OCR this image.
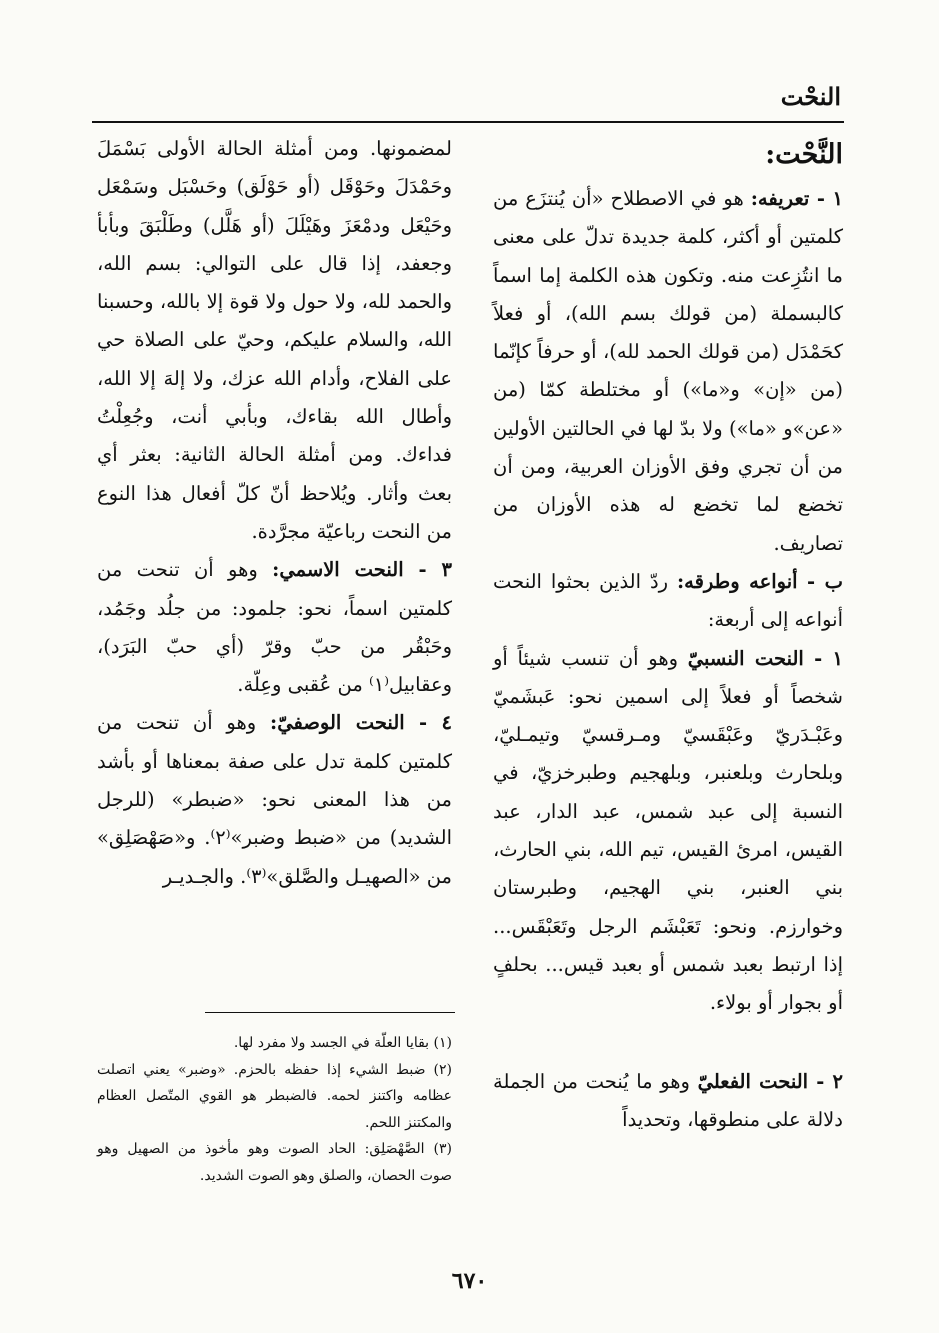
النحْت

النَّحْت:

١ - تعريفه: هو في الاصطلاح «أن يُنتزَع من كلمتين أو أكثر، كلمة جديدة تدلّ على معنى ما انتُزِعت منه. وتكون هذه الكلمة إما اسماً كالبسملة (من قولك بسم الله)، أو فعلاً كحَمْدَل (من قولك الحمد لله)، أو حرفاً كإنّما (من «إن» و«ما») أو مختلطة كمّا (من «عن»و «ما») ولا بدّ لها في الحالتين الأولين من أن تجري وفق الأوزان العربية، ومن أن تخضع لما تخضع له هذه الأوزان من تصاريف.

ب - أنواعه وطرقه: ردّ الذين بحثوا النحت أنواعه إلى أربعة:

١ - النحت النسبيّ وهو أن تنسب شيئاً أو شخصاً أو فعلاً إلى اسمين نحو: عَبشَميّ وعَبْـدَريّ وعَبْقَسيّ ومـرقسيّ وتيمـليّ، وبلحارث وبلعنبر، وبلهجيم وطبرخزيّ، في النسبة إلى عبد شمس، عبد الدار، عبد القيس، امرئ القيس، تيم الله، بني الحارث، بني العنبر، بني الهجيم، وطبرستان وخوارزم. ونحو: تَعَبْشَم الرجل وتَعَبْقَس... إذا ارتبط بعبد شمس أو بعبد قيس... بحلفٍ أو بجوار أو بولاء.

٢ - النحت الفعليّ وهو ما يُنحت من الجملة دلالة على منطوقها، وتحديداً

لمضمونها. ومن أمثلة الحالة الأولى بَسْمَلَ وحَمْدَلَ وحَوْقَل (أو حَوْلَق) وحَسْبَل وسَمْعَل وحَيْعَل ودمْعَزَ وهَيْلَلَ (أو هَلَّل) وطَلْبَقَ وبأبأ وجعفد، إذا قال على التوالي: بسم الله، والحمد لله، ولا حول ولا قوة إلا بالله، وحسبنا الله، والسلام عليكم، وحيّ على الصلاة حي على الفلاح، وأدام الله عزك، ولا إلهَ إلا الله، وأطال الله بقاءك، وبأبي أنت، وجُعِلْتُ فداءك. ومن أمثلة الحالة الثانية: بعثر أي بعث وأثار. ويُلاحظ أنّ كلّ أفعال هذا النوع من النحت رباعيّة مجرَّدة.

٣ - النحت الاسمي: وهو أن تنحت من كلمتين اسماً، نحو: جلمود: من جلُد وجَمُد، وحَبْقُر من حبّ وقرّ (أي حبّ البَرَد)، وعقابيل⁽١⁾ من عُقبى وعِلّة.

٤ - النحت الوصفيّ: وهو أن تنحت من كلمتين كلمة تدل على صفة بمعناها أو بأشد من هذا المعنى نحو: «ضبطر» (للرجل الشديد) من «ضبط وضبر»⁽٢⁾. و«صَهْصَلِق» من «الصهيـل والصَّلق»⁽٣⁾. والجـديـر

(١) بقايا العلّة في الجسد ولا مفرد لها.

(٢) ضبط الشيء إذا حفظه بالحزم. «وضبر» يعني اتصلت عظامه واكتنز لحمه. فالضبطر هو القوي المتّصل العظام والمكتنز اللحم.

(٣) الصَّهْصَلِق: الحاد الصوت وهو مأخوذ من الصهيل وهو صوت الحصان، والصلق وهو الصوت الشديد.

٦٧٠
